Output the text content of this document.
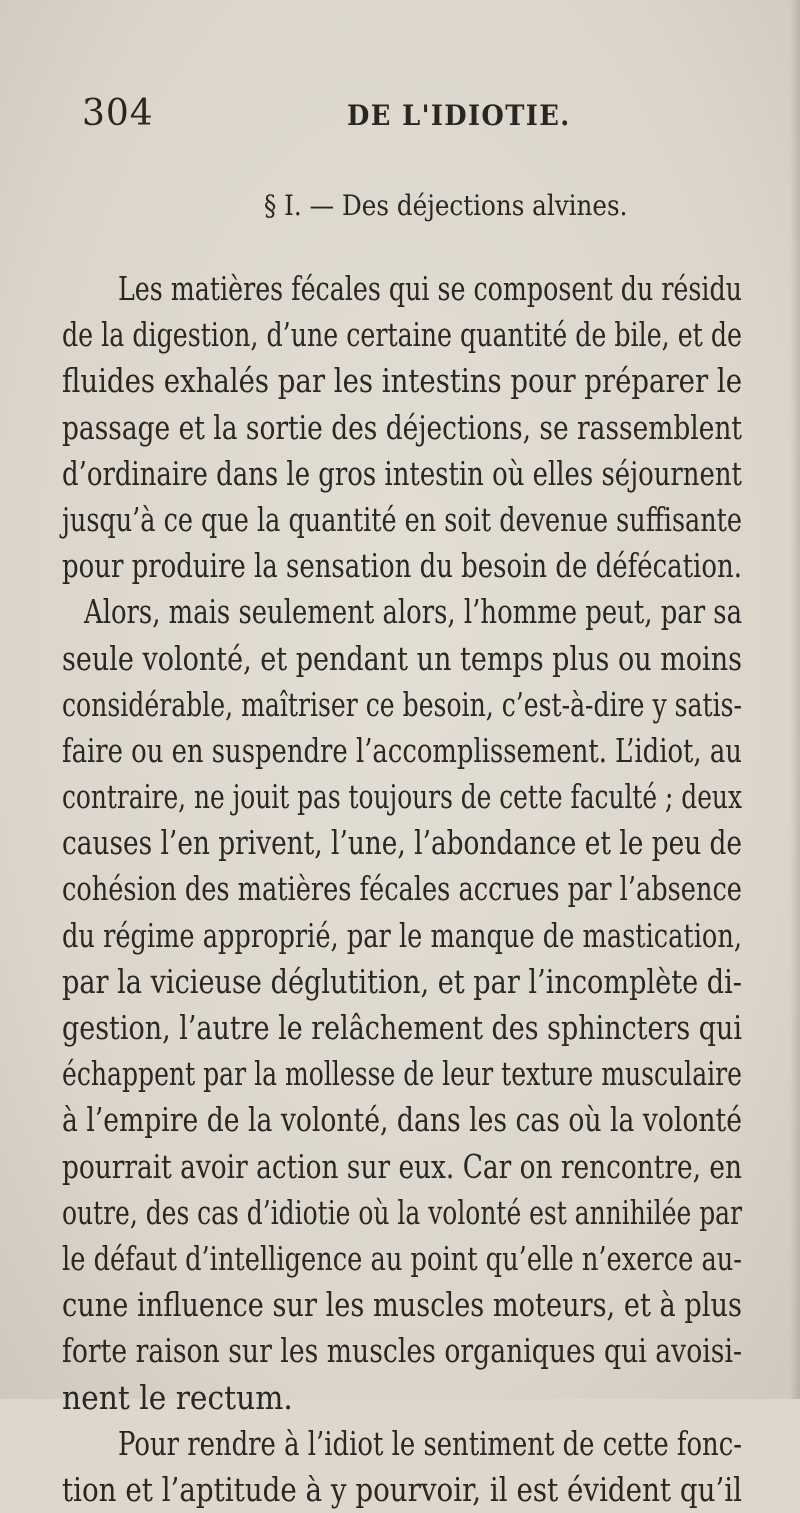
304	DE L'IDIOTIE.
§ I. — Des déjections alvines.
Les matières fécales qui se composent du résidu
de la digestion, d’une certaine quantité de bile, et de
fluides exhalés par les intestins pour préparer le
passage et la sortie des déjections, se rassemblent
d’ordinaire dans le gros intestin où elles séjournent
jusqu’à ce que la quantité en soit devenue suffisante
pour produire la sensation du besoin de défécation.
Alors, mais seulement alors, l’homme peut, par sa
seule volonté, et pendant un temps plus ou moins
considérable, maîtriser ce besoin, c’est-à-dire y satis-
faire ou en suspendre l’accomplissement. L’idiot, au
contraire, ne jouit pas toujours de cette faculté ; deux
causes l’en privent, l’une, l’abondance et le peu de
cohésion des matières fécales accrues par l’absence
du régime approprié, par le manque de mastication,
par la vicieuse déglutition, et par l’incomplète di-
gestion, l’autre le relâchement des sphincters qui
échappent par la mollesse de leur texture musculaire
à l’empire de la volonté, dans les cas où la volonté
pourrait avoir action sur eux. Car on rencontre, en
outre, des cas d’idiotie où la volonté est annihilée par
le défaut d’intelligence au point qu’elle n’exerce au-
cune influence sur les muscles moteurs, et à plus
forte raison sur les muscles organiques qui avoisi-
nent le rectum.
Pour rendre à l’idiot le sentiment de cette fonc-
tion et l’aptitude à y pourvoir, il est évident qu’il
